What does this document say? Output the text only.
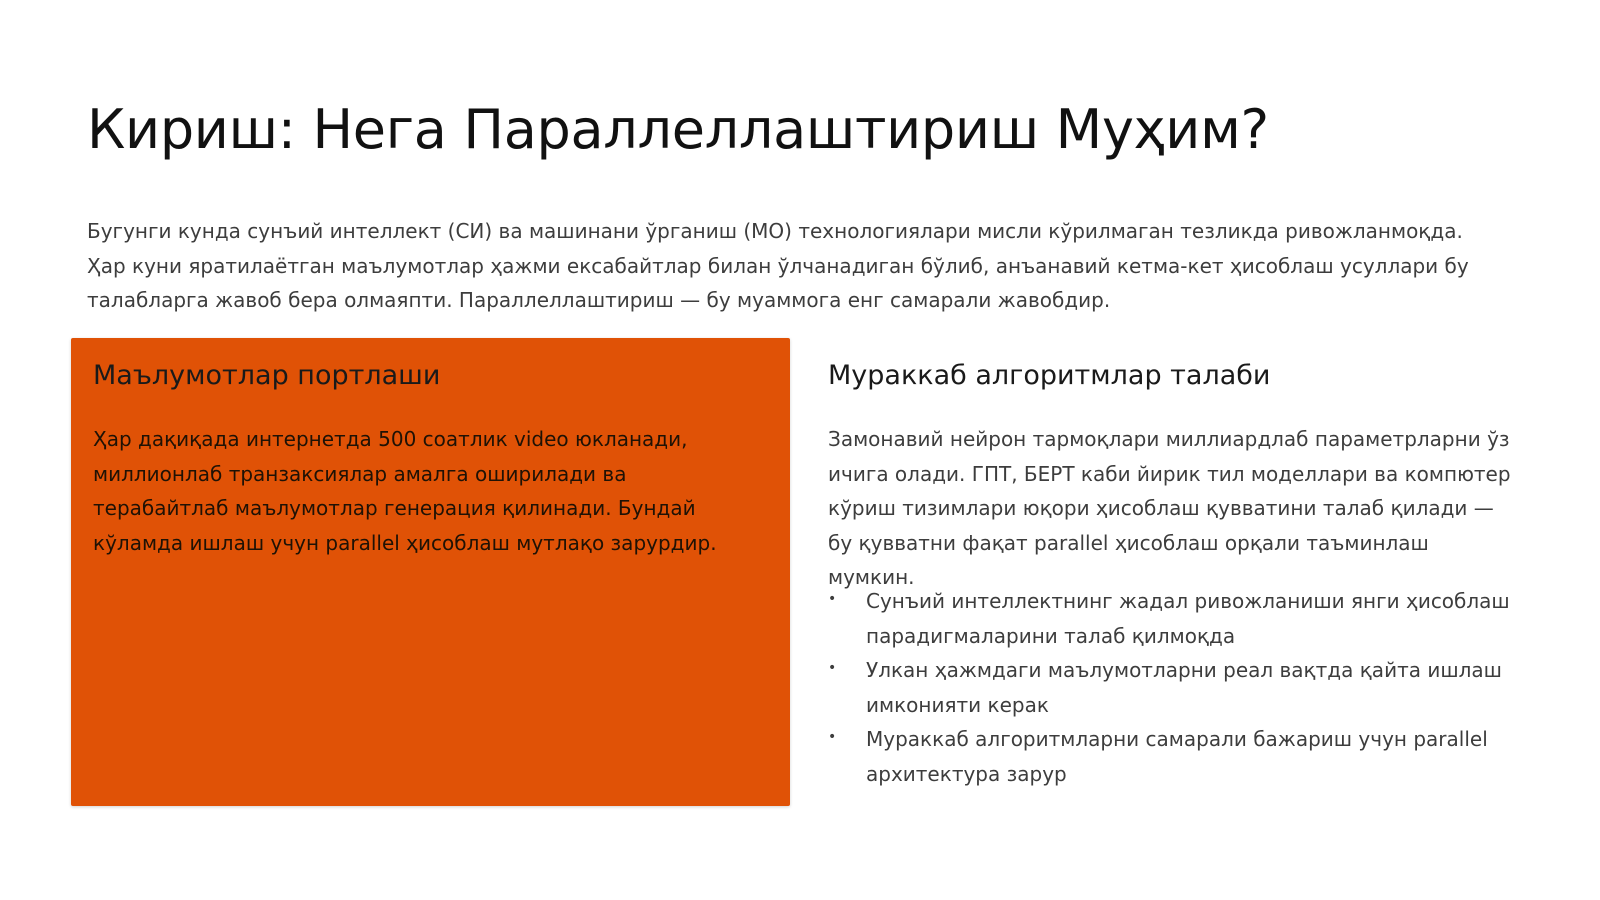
Кириш: Нега Параллеллаштириш Муҳим?

Бугунги кунда сунъий интеллект (СИ) ва машинани ўрганиш (МО) технологиялари мисли кўрилмаган тезликда ривожланмоқда. Ҳар куни яратилаётган маълумотлар ҳажми ексабайтлар билан ўлчанадиган бўлиб, анъанавий кетма-кет ҳисоблаш усуллари бу талабларга жавоб бера олмаяпти. Параллеллаштириш — бу муаммога енг самарали жавобдир.

Маълумотлар портлаши

Ҳар дақиқада интернетда 500 соатлик video юкланади, миллионлаб транзаксиялар амалга оширилади ва терабайтлаб маълумотлар генерация қилинади. Бундай кўламда ишлаш учун parallel ҳисоблаш мутлақо зарурдир.

Мураккаб алгоритмлар талаби

Замонавий нейрон тармоқлари миллиардлаб параметрларни ўз ичига олади. ГПТ, БЕРТ каби йирик тил моделлари ва компютер кўриш тизимлари юқори ҳисоблаш қувватини талаб қилади — бу қувватни фақат parallel ҳисоблаш орқали таъминлаш мумкин.

• Сунъий интеллектнинг жадал ривожланиши янги ҳисоблаш парадигмаларини талаб қилмоқда
• Улкан ҳажмдаги маълумотларни реал вақтда қайта ишлаш имконияти керак
• Мураккаб алгоритмларни самарали бажариш учун parallel архитектура зарур
